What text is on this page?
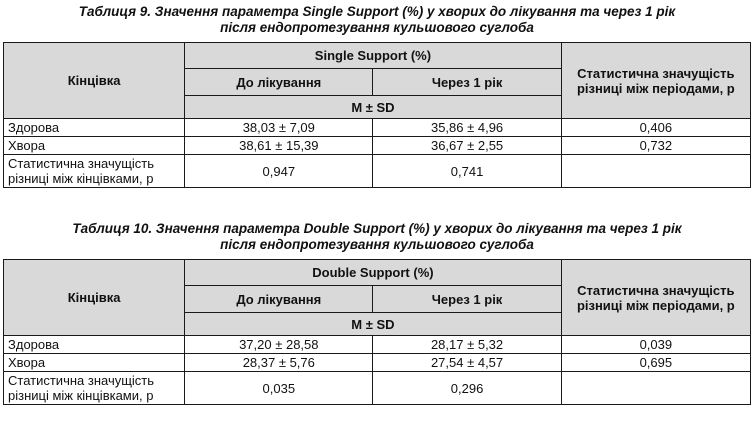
Таблиця 9. Значення параметра Single Support (%) у хворих до лікування та через 1 рік
після ендопротезування кульшового суглоба

Кінцівка	Single Support (%)		Статистична значущість різниці між періодами, p
	До лікування	Через 1 рік	
	M ± SD		
Здорова	38,03 ± 7,09	35,86 ± 4,96	0,406
Хвора	38,61 ± 15,39	36,67 ± 2,55	0,732
Статистична значущість різниці між кінцівками, p	0,947	0,741	

Таблиця 10. Значення параметра Double Support (%) у хворих до лікування та через 1 рік
після ендопротезування кульшового суглоба

Кінцівка	Double Support (%)		Статистична значущість різниці між періодами, p
	До лікування	Через 1 рік	
	M ± SD		
Здорова	37,20 ± 28,58	28,17 ± 5,32	0,039
Хвора	28,37 ± 5,76	27,54 ± 4,57	0,695
Статистична значущість різниці між кінцівками, p	0,035	0,296	
